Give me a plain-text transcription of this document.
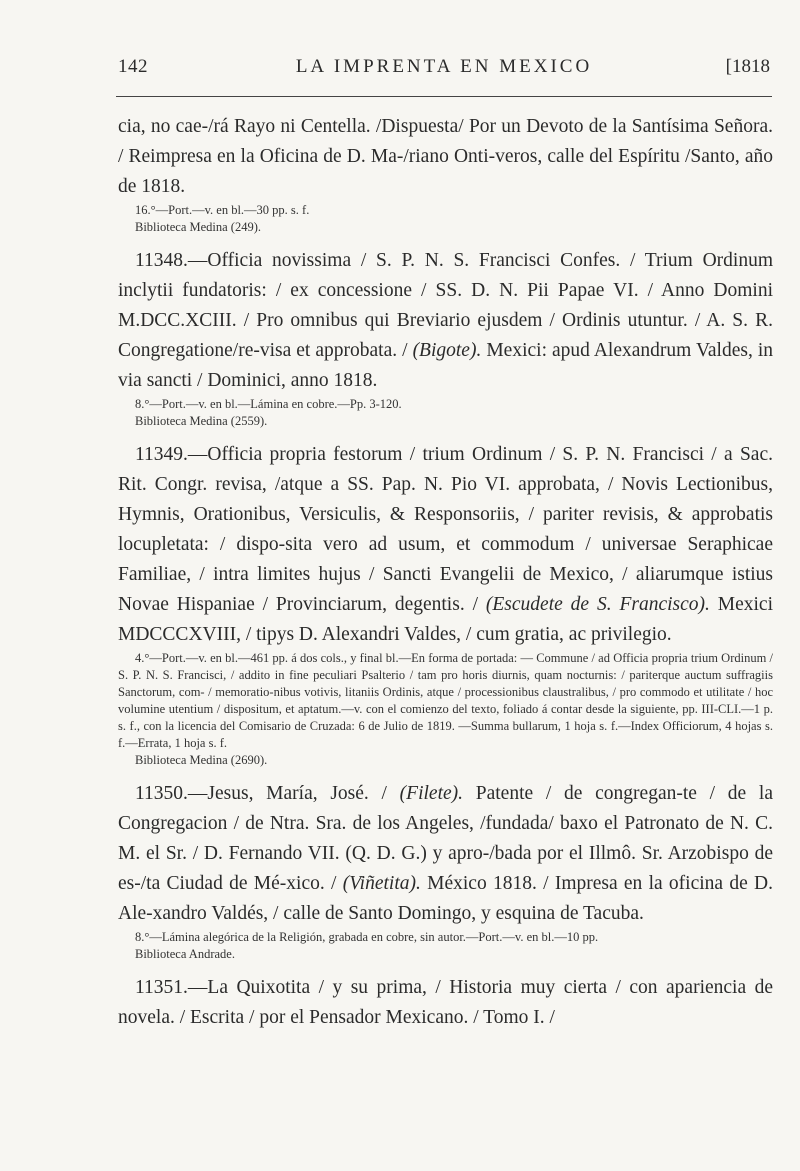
142	LA IMPRENTA EN MEXICO	[1818

cia, no cae-/rá Rayo ni Centella. /Dispuesta/ Por un Devoto de la Santísima Señora. / Reimpresa en la Oficina de D. Ma-/riano Onti-veros, calle del Espíritu /Santo, año de 1818.

16.°—Port.—v. en bl.—30 pp. s. f.

Biblioteca Medina (249).

11348.—Officia novissima / S. P. N. S. Francisci Confes. / Trium Ordinum inclytii fundatoris: / ex concessione / SS. D. N. Pii Papae VI. / Anno Domini M.DCC.XCIII. / Pro omnibus qui Breviario ejusdem / Ordinis utuntur. / A. S. R. Congregatione/re-visa et approbata. / (Bigote). Mexici: apud Alexandrum Valdes, in via sancti / Dominici, anno 1818.

8.°—Port.—v. en bl.—Lámina en cobre.—Pp. 3-120.

Biblioteca Medina (2559).

11349.—Officia propria festorum / trium Ordinum / S. P. N. Francisci / a Sac. Rit. Congr. revisa, /atque a SS. Pap. N. Pio VI. approbata, / Novis Lectionibus, Hymnis, Orationibus, Versiculis, & Responsoriis, / pariter revisis, & approbatis locupletata: / dispo-sita vero ad usum, et commodum / universae Seraphicae Familiae, / intra limites hujus / Sancti Evangelii de Mexico, / aliarumque istius Novae Hispaniae / Provinciarum, degentis. / (Escudete de S. Francisco). Mexici MDCCCXVIII, / tipys D. Alexandri Valdes, / cum gratia, ac privilegio.

4.°—Port.—v. en bl.—461 pp. á dos cols., y final bl.—En forma de portada: — Commune / ad Officia propria trium Ordinum / S. P. N. S. Francisci, / addito in fine peculiari Psalterio / tam pro horis diurnis, quam nocturnis: / pariterque auctum suffragiis Sanctorum, com- / memoratio-nibus votivis, litaniis Ordinis, atque / processionibus claustralibus, / pro commodo et utilitate / hoc volumine utentium / dispositum, et aptatum.—v. con el comienzo del texto, foliado á contar desde la siguiente, pp. III-CLI.—1 p. s. f., con la licencia del Comisario de Cruzada: 6 de Julio de 1819. —Summa bullarum, 1 hoja s. f.—Index Officiorum, 4 hojas s. f.—Errata, 1 hoja s. f.

Biblioteca Medina (2690).

11350.—Jesus, María, José. / (Filete). Patente / de congregan-te / de la Congregacion / de Ntra. Sra. de los Angeles, /fundada/ baxo el Patronato de N. C. M. el Sr. / D. Fernando VII. (Q. D. G.) y apro-/bada por el Illmô. Sr. Arzobispo de es-/ta Ciudad de Mé-xico. / (Viñetita). México 1818. / Impresa en la oficina de D. Ale-xandro Valdés, / calle de Santo Domingo, y esquina de Tacuba.

8.°—Lámina alegórica de la Religión, grabada en cobre, sin autor.—Port.—v. en bl.—10 pp.

Biblioteca Andrade.

11351.—La Quixotita / y su prima, / Historia muy cierta / con apariencia de novela. / Escrita / por el Pensador Mexicano. / Tomo I. /
